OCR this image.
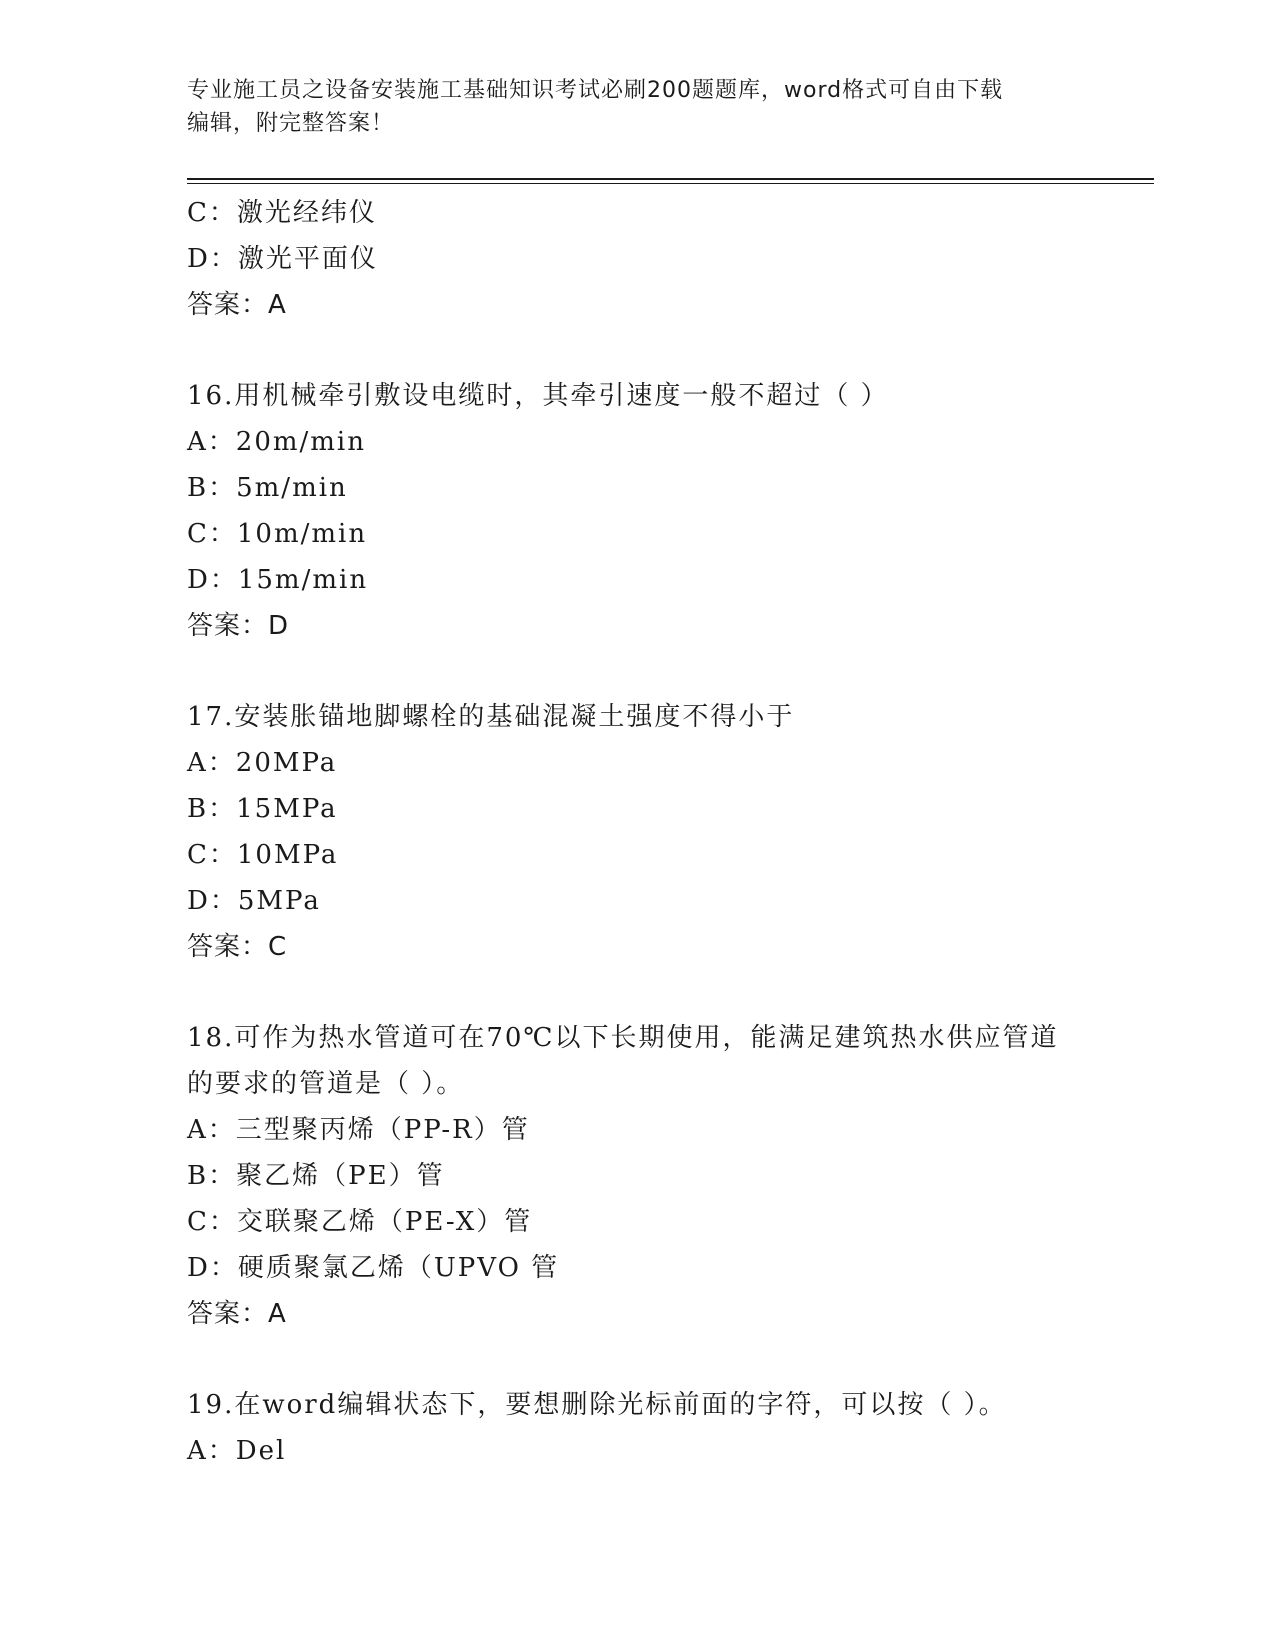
专业施工员之设备安装施工基础知识考试必刷200题题库，word格式可自由下载
编辑，附完整答案！
C：激光经纬仪
D：激光平面仪
答案：A
16.用机械牵引敷设电缆时，其牵引速度一般不超过（ ）
A：20m/min
B：5m/min
C：10m/min
D：15m/min
答案：D
17.安装胀锚地脚螺栓的基础混凝土强度不得小于
A：20MPa
B：15MPa
C：10MPa
D：5MPa
答案：C
18.可作为热水管道可在70℃以下长期使用，能满足建筑热水供应管道
的要求的管道是（ ）。
A：三型聚丙烯（PP-R）管
B：聚乙烯（PE）管
C：交联聚乙烯（PE-X）管
D：硬质聚氯乙烯（UPVO 管
答案：A
19.在word编辑状态下，要想删除光标前面的字符，可以按（ ）。
A：Del
